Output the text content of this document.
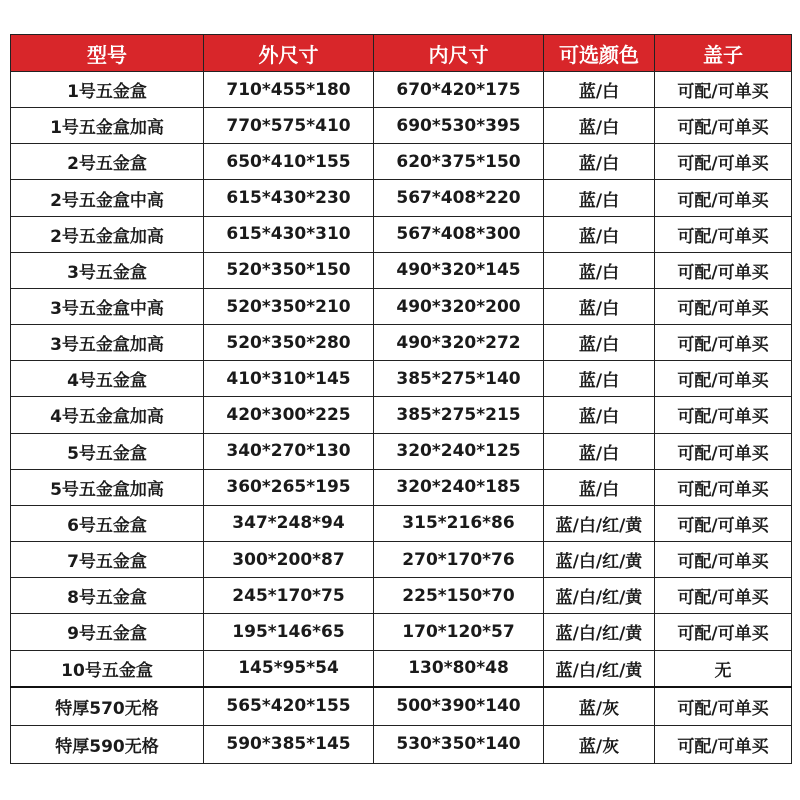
型号	外尺寸	内尺寸	可选颜色	盖子
1号五金盒	710*455*180	670*420*175	蓝/白	可配/可单买
1号五金盒加高	770*575*410	690*530*395	蓝/白	可配/可单买
2号五金盒	650*410*155	620*375*150	蓝/白	可配/可单买
2号五金盒中高	615*430*230	567*408*220	蓝/白	可配/可单买
2号五金盒加高	615*430*310	567*408*300	蓝/白	可配/可单买
3号五金盒	520*350*150	490*320*145	蓝/白	可配/可单买
3号五金盒中高	520*350*210	490*320*200	蓝/白	可配/可单买
3号五金盒加高	520*350*280	490*320*272	蓝/白	可配/可单买
4号五金盒	410*310*145	385*275*140	蓝/白	可配/可单买
4号五金盒加高	420*300*225	385*275*215	蓝/白	可配/可单买
5号五金盒	340*270*130	320*240*125	蓝/白	可配/可单买
5号五金盒加高	360*265*195	320*240*185	蓝/白	可配/可单买
6号五金盒	347*248*94	315*216*86	蓝/白/红/黄	可配/可单买
7号五金盒	300*200*87	270*170*76	蓝/白/红/黄	可配/可单买
8号五金盒	245*170*75	225*150*70	蓝/白/红/黄	可配/可单买
9号五金盒	195*146*65	170*120*57	蓝/白/红/黄	可配/可单买
10号五金盒	145*95*54	130*80*48	蓝/白/红/黄	无
特厚570无格	565*420*155	500*390*140	蓝/灰	可配/可单买
特厚590无格	590*385*145	530*350*140	蓝/灰	可配/可单买
